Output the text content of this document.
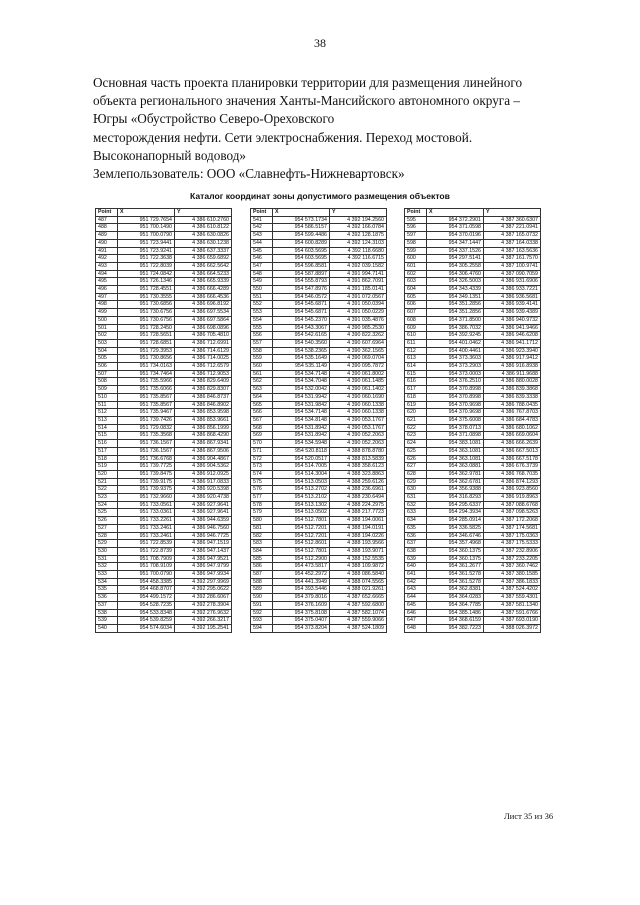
38
Основная часть проекта планировки территории для размещения линейного
объекта регионального значения Ханты-Мансийского автономного округа –
Югры «Обустройство Северо-Ореховского
месторождения нефти. Сети электроснабжения. Переход мостовой.
Высоконапорный водовод»
Землепользователь: ООО «Славнефть-Нижневартовск»
Каталог координат зоны допустимого размещения объектов
Point	X	Y
487	951 729.7654	4 386 610.2760
488	951 700.1490	4 386 610.8122
489	951 700.0790	4 386 630.0826
490	951 723.9441	4 386 630.1238
491	951 723.9241	4 386 637.3337
492	951 722.3638	4 386 659.6892
493	951 722.8039	4 386 662.5642
494	951 724.0842	4 386 664.5233
495	951 726.1346	4 386 665.9339
496	951 728.4551	4 386 666.4289
497	951 730.3555	4 386 666.4536
498	951 730.6856	4 386 696.8192
499	951 730.6756	4 386 697.5534
500	951 730.6756	4 386 697.5864
501	951 728.2450	4 386 698.0896
502	951 728.5651	4 386 705.4810
503	951 728.6851	4 386 712.6991
504	951 729.3953	4 386 714.6129
505	951 730.8656	4 386 714.0025
506	951 734.0163	4 386 712.6579
507	951 734.7464	4 386 712.9053
508	951 735.5966	4 386 829.6409
509	951 735.6066	4 386 829.8307
510	951 735.8567	4 386 846.8737
511	951 735.8567	4 386 846.8902
512	951 735.9467	4 386 853.9598
513	951 739.7426	4 386 853.9661
514	951 729.0832	4 386 856.1999
515	951 735.3568	4 386 868.4290
516	951 736.1567	4 386 867.9341
517	951 736.1567	4 386 867.9506
518	951 736.6768	4 386 904.4867
519	951 739.7725	4 386 904.5362
520	951 739.8475	4 386 912.0925
521	951 739.9175	4 386 917.0833
522	951 739.9375	4 386 920.5398
523	951 732.9660	4 386 920.4738
524	951 733.0561	4 386 927.9641
525	951 733.0361	4 386 927.9641
526	951 733.2261	4 386 944.6359
527	951 733.2461	4 386 946.7560
528	951 733.2461	4 386 946.7725
529	951 722.8539	4 386 947.1519
530	951 722.8739	4 386 947.1437
531	951 708.7909	4 386 947.9521
532	951 708.9109	4 386 947.9799
533	951 700.0790	4 386 947.9934
534	954 458.3385	4 392 297.9969
535	954 468.8707	4 392 295.0622
536	954 499.1572	4 392 286.6067
537	954 528.7235	4 392 278.3904
538	954 533.8348	4 392 276.9632
539	954 539.8259	4 392 266.3217
540	954 574.6034	4 392 195.2541
Point	X	Y
541	954 573.1734	4 392 194.2560
542	954 586.5157	4 392 166.0784
543	954 599.4486	4 392 128.1875
544	954 600.8289	4 392 124.3103
545	954 603.5695	4 392 118.6680
546	954 603.5695	4 392 116.6715
547	954 596.8581	4 392 039.1582
548	954 587.8897	4 391 994.7141
549	954 555.8793	4 391 862.7091
550	954 547.8976	4 391 185.0141
551	954 546.0572	4 391 072.0567
552	954 545.6871	4 391 050.0394
553	954 545.6871	4 391 050.0229
554	954 545.2370	4 391 035.4876
555	954 543.3067	4 390 985.2530
556	954 542.6165	4 390 822.3262
557	954 540.3560	4 390 607.6964
558	954 538.2365	4 390 362.1565
559	954 535.1649	4 390 069.0704
560	954 535.1149	4 390 095.7872
561	954 534.7148	4 390 061.8002
562	954 534.7048	4 390 061.1485
563	954 532.0042	4 390 061.1402
564	954 531.9942	4 390 060.1690
565	954 531.9842	4 390 060.1338
566	954 534.7148	4 390 060.1338
567	954 534.8148	4 390 053.1767
568	954 531.8942	4 390 053.1767
569	954 531.8942	4 390 052.2063
570	954 534.5948	4 390 052.2063
571	954 520.8118	4 388 878.8780
572	954 520.0517	4 388 813.5839
573	954 514.7005	4 388 358.6123
574	954 514.3004	4 388 323.8863
575	954 513.0503	4 388 259.6126
576	954 513.2702	4 388 236.6961
577	954 513.2102	4 388 230.6494
578	954 513.1302	4 388 224.2975
579	954 513.0502	4 388 217.7723
580	954 512.7801	4 388 194.0061
581	954 512.7201	4 388 194.0191
582	954 512.7201	4 388 194.0226
583	954 512.8601	4 388 193.9566
584	954 512.7801	4 388 193.9071
585	954 512.2900	4 388 152.5535
586	954 473.5817	4 388 109.9872
587	954 452.2972	4 388 086.5840
588	954 441.3949	4 388 074.5565
589	954 393.5446	4 388 021.9261
590	954 379.8016	4 387 652.6665
591	954 376.1609	4 387 592.6800
592	954 375.8108	4 387 582.1074
593	954 375.0407	4 387 559.9066
594	954 373.8204	4 387 524.1809
Point	X	Y
595	954 372.2901	4 387 360.6307
596	954 371.0598	4 387 221.0941
597	954 370.0196	4 387 165.0732
598	954 347.1447	4 387 164.0338
599	954 337.1526	4 387 163.5636
600	954 297.5141	4 387 161.7570
601	954 305.2558	4 387 100.9741
602	954 306.4760	4 387 090.7059
603	954 326.5003	4 386 931.6906
604	954 343.4339	4 386 933.7221
605	954 349.1351	4 386 936.5681
606	954 351.2856	4 386 939.4141
607	954 351.2856	4 386 939.4389
608	954 371.8500	4 386 940.9732
609	954 386.7032	4 386 941.9466
610	954 392.9245	4 386 946.6208
611	954 401.0462	4 386 941.1712
612	954 400.4461	4 386 923.3940
613	954 373.3603	4 386 917.9412
614	954 373.2903	4 386 916.8938
615	954 373.0003	4 386 911.9688
616	954 376.2510	4 386 880.0028
617	954 370.8998	4 386 839.3868
618	954 370.8998	4 386 839.3338
619	954 370.9698	4 386 788.0435
620	954 370.9698	4 386 767.8703
621	954 375.6008	4 386 684.4783
622	954 378.0713	4 386 680.1062
623	954 371.0898	4 386 669.0604
624	954 383.1081	4 386 666.2639
625	954 363.1081	4 386 667.5013
626	954 363.1081	4 386 667.5178
627	954 363.0881	4 386 676.3739
628	954 362.9781	4 386 768.7035
629	954 362.6781	4 386 874.1293
630	954 356.9388	4 386 923.8560
631	954 316.8293	4 386 919.8963
632	954 295.6337	4 387 088.6768
633	954 294.3934	4 387 098.5263
634	954 285.0914	4 387 172.2068
635	954 336.5825	4 387 174.5681
636	954 346.6746	4 387 175.0363
637	954 357.4968	4 387 175.5333
638	954 360.1375	4 387 232.8906
639	954 360.1375	4 387 233.2205
640	954 361.2677	4 387 360.7462
641	954 361.5278	4 387 380.1585
642	954 361.5278	4 387 386.1833
643	954 362.8381	4 387 524.4202
644	954 364.0283	4 387 559.4301
645	954 364.7785	4 387 581.1340
646	954 385.1486	4 387 591.6766
647	954 368.6159	4 387 693.0190
648	954 382.7223	4 388 026.3972
Лист 35 из 36
